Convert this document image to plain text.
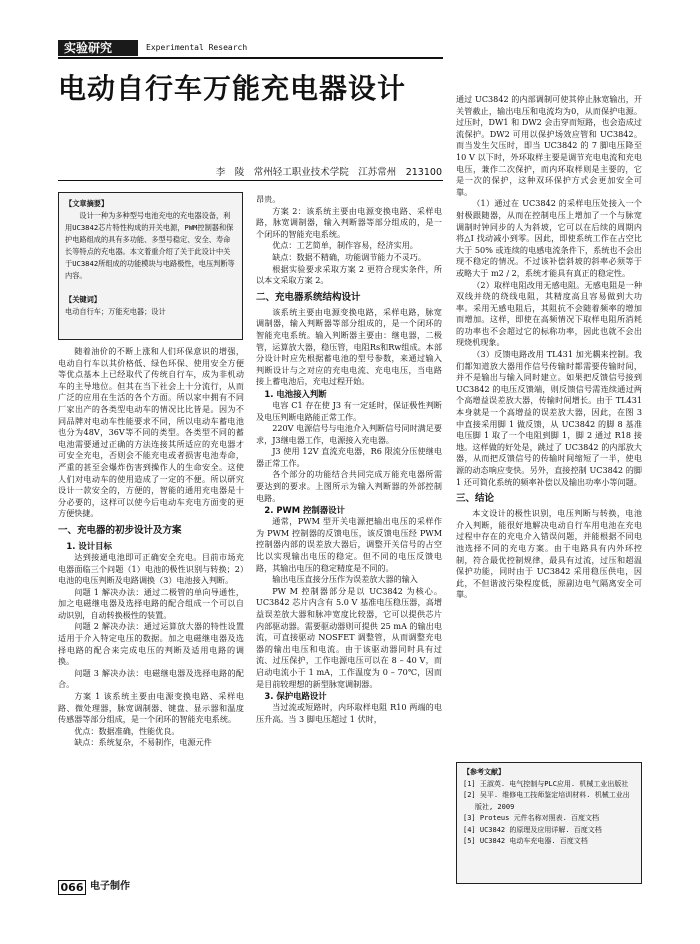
实验研究	Experimental Research
电动自行车万能充电器设计
李　陵　常州轻工职业技术学院　江苏常州　213100
【文章摘要】
设计一种为多种型号电池充电的充电器设备，利用UC3842芯片特性构成的开关电源，PWM控制器和保护电路组成的具有多功能、多型号稳定、安全、寿命长等特点的充电器。本文着重介绍了关于此设计中关于UC3842所组成的功能模块与电路极性，电压判断等内容。
【关键词】
电动自行车；万能充电器；设计

随着油价的不断上涨和人们环保意识的增强，电动自行车以其价格低、绿色环保、使用安全方便等优点基本上已经取代了传统自行车，成为非机动车的主导地位。但其在当下社会上十分流行，从而广泛的应用在生活的各个方面。所以家中拥有不同厂家出产的各类型电动车的情况比比皆是。因为不同品牌对电动车性能要求不同，所以电动车蓄电池也分为48V，36V等不同的类型。各类型不同的蓄电池需要通过正确的方法连接其所适应的充电器才可安全充电，否则会不能充电或者损害电池寿命，严重的甚至会爆炸伤害到操作人的生命安全。这使人们对电动车的使用造成了一定的不便。所以研究设计一款安全的，方便的，智能的通用充电器是十分必要的，这样可以使今后电动车充电方面变的更方便快捷。

一、充电器的初步设计及方案
1. 设计目标

达到接通电池即可正确安全充电。目前市场充电器面临三个问题（1）电池的极性识别与转换；2）电池的电压判断及电路调换（3）电池接入判断。

问题 1 解决办法：通过二极管的单向导通性，加之电磁继电器及选择电路的配合组成一个可以自动识别，自动转换极性的装置。

问题 2 解决办法：通过运算放大器的特性设置适用于介入特定电压的数据。加之电磁继电器及选择电路的配合来完成电压的判断及适用电路的调换。

问题 3 解决办法：电磁继电器及选择电路的配合。

方案 1 该系统主要由电源变换电路、采样电路、微处理器，脉宽调制器、键盘、显示器和温度传感器等部分组成，是一个闭环的智能充电系统。

优点：数据准确，性能优良。

缺点：系统复杂，不易制作，电源元件

昂贵。

方案 2：该系统主要由电源变换电路、采样电路，脉宽调制器，输入判断器等部分组成的，是一个闭环的智能充电系统。

优点：工艺简单，制作容易，经济实用。

缺点：数据不精确，功能调节能力不灵巧。

根据实验要求采取方案 2 更符合现实条件，所以本文采取方案 2。

二、充电器系统结构设计

该系统主要由电源变换电路，采样电路，脉宽调制器，输入判断器等部分组成的，是一个闭环的智能充电系统。输入判断器主要由：继电器，二极管，运算放大器，稳压管，电阻Rs和Rw组成。本部分设计时应先根据蓄电池的型号参数，来通过输入判断设计与之对应的充电电流、充电电压，当电路接上蓄电池后，充电过程开始。

1. 电池接入判断

电容 C1 存在使 J3 有一定延时，保证极性判断及电压判断电路能正常工作。

220V 电源信号与电池介入判断信号同时满足要求，J3继电器工作，电源接入充电器。

J3 使用 12V 直流充电器，R6 限流分压使继电器正常工作。

各个部分的功能结合共同完成万能充电器所需要达到的要求。上图所示为输入判断器的外部控制电路。

2. PWM 控制器设计

通常，PWM 型开关电源把输出电压的采样作为 PWM 控制器的反馈电压，该反馈电压经 PWM 控制器内部的误差放大器后，调整开关信号的占空比以实现输出电压的稳定。但不同的电压反馈电路，其输出电压的稳定精度是不同的。

输出电压直接分压作为误差放大器的输入

PW M 控制器部分是以 UC3842 为核心。UC3842 芯片内含有 5.0 V 基准电压稳压器，高增益误差放大器和脉冲宽度比较器，它可以提供芯片内部驱动器。需要驱动器则可提供 25 mA 的输出电流，可直接驱动 NOSFET 调整管，从而调整充电器的输出电压和电流。由于该驱动器同时具有过流、过压保护，工作电源电压可以在 8 – 40 V，而启动电流小于 1 mA，工作温度为 0 – 70℃，因而是目前较理想的新型脉宽调制器。

3. 保护电路设计

当过流或短路时，内环取样电阻 R10 两端的电压升高。当 3 脚电压超过 1 伏时，

通过 UC3842 的内部调制可使其停止脉宽输出，开关管截止，输出电压和电流均为0，从而保护电源。过压时，DW1 和 DW2 会击穿而短路，也会造成过流保护。DW2 可用以保护场效应管和 UC3842。而当发生欠压时，即当 UC3842 的 7 脚电压降至 10 V 以下时，外环取样主要是调节充电电流和充电电压，兼作二次保护，而内环取样则是主要的，它是一次的保护，这种双环保护方式会更加安全可靠。

（1）通过在 UC3842 的采样电压处接入一个射极跟随器，从而在控制电压上增加了一个与脉宽调制时钟同步的人为斜坡，它可以在后续的周期内将△I 找动减小到零。因此，即使系统工作在占空比大于 50% 或连续的电感电流条件下，系统也不会出现不稳定的情况。不过该补偿斜坡的斜率必须等于或略大于 m2 / 2，系统才能具有真正的稳定性。

（2）取样电阻改用无感电阻。无感电阻是一种双线并绕的绕线电阻，其精度高且容易做到大功率。采用无感电阻后，其阻抗不会随着频率的增加而增加。这样，即使在高频情况下取样电阻所消耗的功率也不会超过它的标称功率，因此也就不会出现烧机现象。

（3）反馈电路改用 TL431 加光耦来控制。我们都知道放大器用作信号传输时都需要传输时间，并不是输出与输入同时建立。如果把反馈信号接到 UC3842 的电压反馈端，则反馈信号需连续通过两个高增益误差放大器，传输时间增长。由于 TL431 本身就是一个高增益的误差放大器，因此，在图 3 中直接采用脚 1 做反馈，从 UC3842 的脚 8 基准电压脚 1 取了一个电阻到脚 1，脚 2 通过 R18 接地。这样做的好处是，跳过了 UC3842 的内部放大器，从而把反馈信号的传输时间缩短了一半，使电源的动态响应变快。另外，直接控制 UC3842 的脚 1 还可简化系统的频率补偿以及输出功率小等问题。

三、结论

本文设计的极性识别，电压判断与转换，电池介入判断，能很好地解决电动自行车用电池在充电过程中存在的充电介入错误问题，并能根据不同电池选择不同的充电方案。由于电路具有内外环控制，符合最优控制规律，最具有过流，过压和超温保护功能，同时由于 UC3842 采用稳压供电，因此，不但谐波污染程度低，原副边电气隔离安全可靠。

【参考文献】
[1] 王淑英. 电气控制与PLC应用. 机械工业出版社
[2] 吴平. 维修电工技师鉴定培训材料. 机械工业出版社, 2009
[3] Proteus 元件名称对照表. 百度文档
[4] UC3842 的原理及应用详解. 百度文档
[5] UC3842 电动车充电器. 百度文档
066 电子制作
